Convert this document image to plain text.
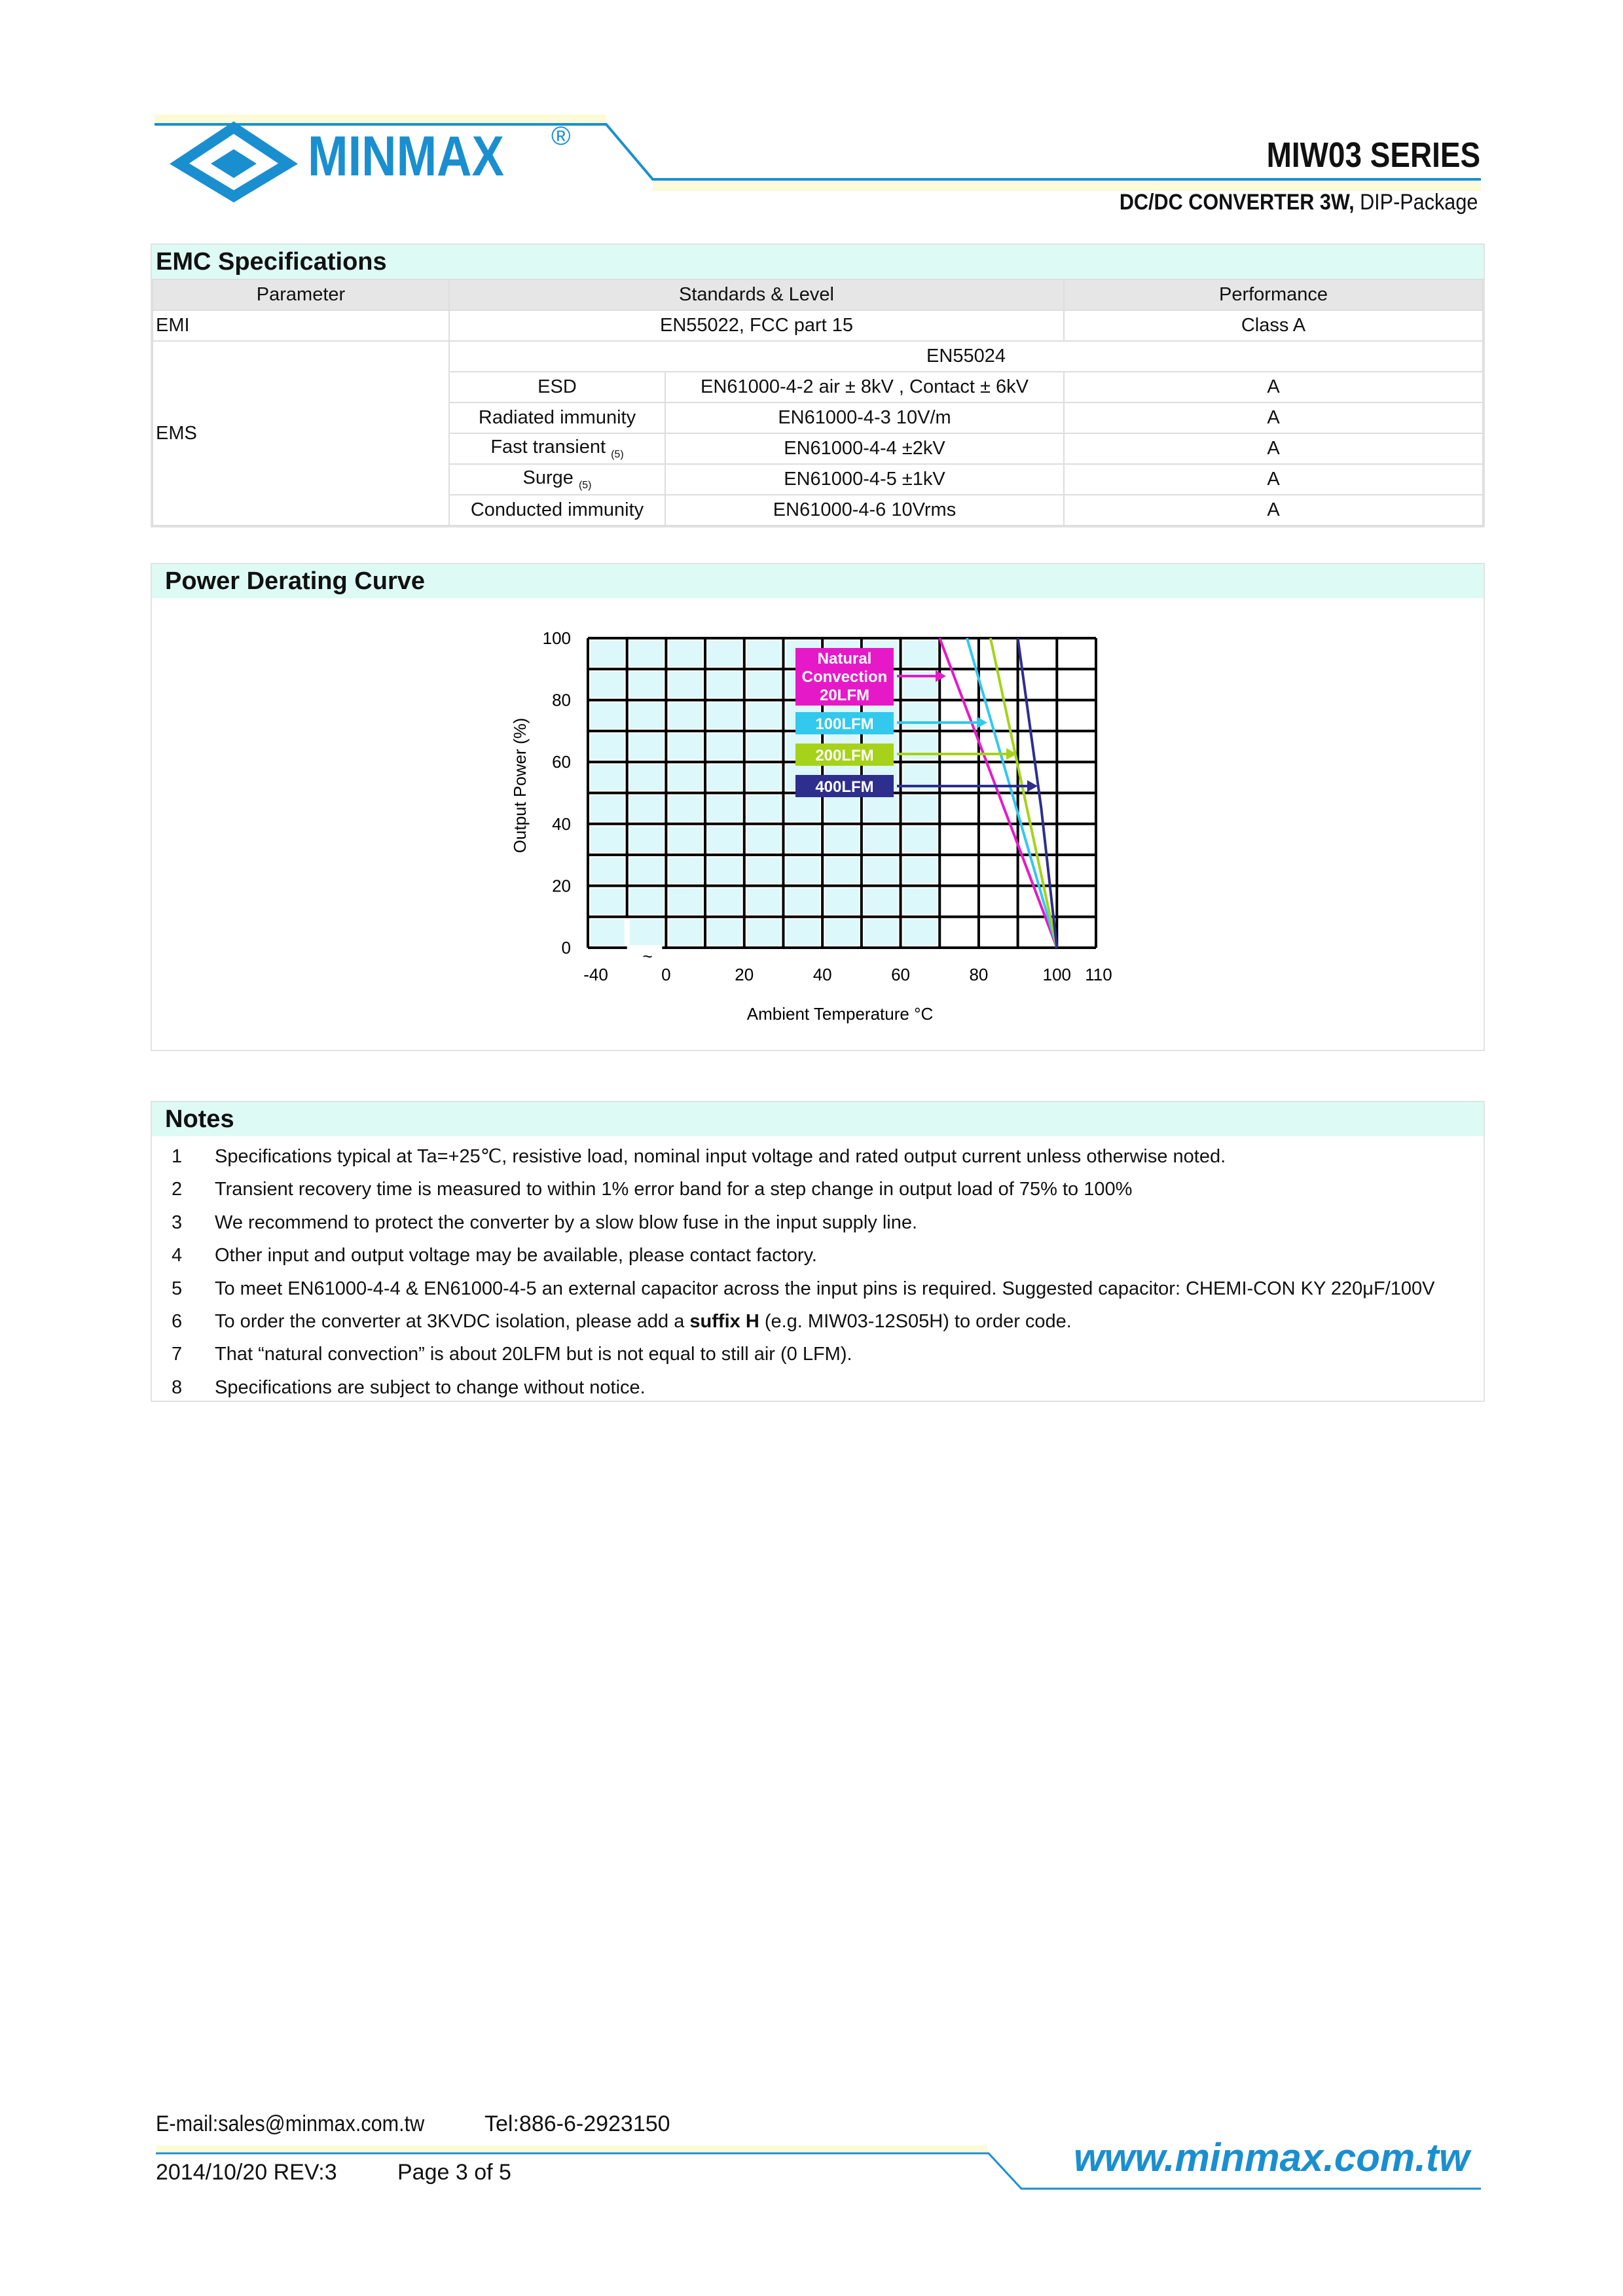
MINMAX ®	MIW03 SERIES
DC/DC CONVERTER 3W, DIP-Package
EMC Specifications
Parameter	Standards & Level		Performance
EMI	EN55022, FCC part 15		Class A
EMS	EN55024		
	ESD	EN61000-4-2 air ± 8kV , Contact ± 6kV	A
	Radiated immunity	EN61000-4-3 10V/m	A
	Fast transient $_{(5)}$	EN61000-4-4 ±2kV	A
	Surge $_{(5)}$	EN61000-4-5 ±1kV	A
	Conducted immunity	EN61000-4-6 10Vrms	A
Power Derating Curve
~
Natural
Convection
20LFM
100LFM
200LFM
400LFM
0
20
40
60
80
100
-40	0	20	40	60	80	100 110
Ambient Temperature °C
Output Power (%)
Notes
1 Specifications typical at Ta=+25℃, resistive load, nominal input voltage and rated output current unless otherwise noted.
2 Transient recovery time is measured to within 1% error band for a step change in output load of 75% to 100%
3 We recommend to protect the converter by a slow blow fuse in the input supply line.
4 Other input and output voltage may be available, please contact factory.
5 To meet EN61000-4-4 & EN61000-4-5 an external capacitor across the input pins is required. Suggested capacitor: CHEMI-CON KY 220μF/100V
6 To order the converter at 3KVDC isolation, please add a suffix H (e.g. MIW03-12S05H) to order code.
7 That “natural convection” is about 20LFM but is not equal to still air (0 LFM).
8 Specifications are subject to change without notice.
E-mail:sales@minmax.com.tw	Tel:886-6-2923150
2014/10/20 REV:3	Page 3 of 5	www.minmax.com.tw
